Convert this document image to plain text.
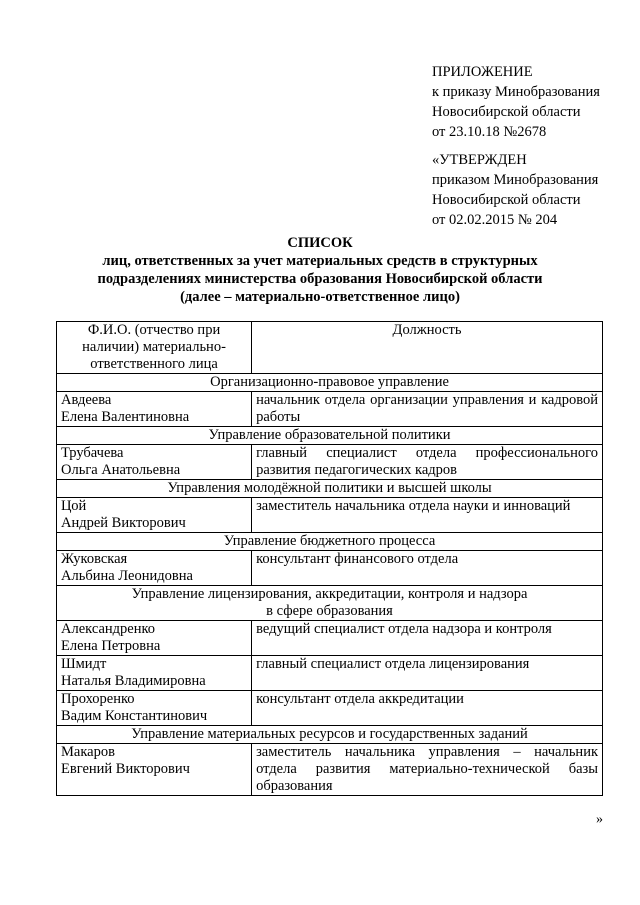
ПРИЛОЖЕНИЕ
к приказу Минобразования
Новосибирской области
от 23.10.18 №2678
«УТВЕРЖДЕН
приказом Минобразования
Новосибирской области
от 02.02.2015 № 204
СПИСОК
лиц, ответственных за учет материальных средств в структурных
подразделениях министерства образования Новосибирской области
(далее – материально-ответственное лицо)
Ф.И.О. (отчество при наличии) материально-ответственного лица	Должность

Организационно-правовое управление	

Авдеева
Елена Валентиновна	начальник отдела организации управления и кадровой работы

Управление образовательной политики	

Трубачева
Ольга Анатольевна	главный специалист отдела профессионального развития педагогических кадров

Управления молодёжной политики и высшей школы	

Цой
Андрей Викторович	заместитель начальника отдела науки и инноваций

Управление бюджетного процесса	

Жуковская
Альбина Леонидовна	консультант финансового отдела

Управление лицензирования, аккредитации, контроля и надзора
в сфере образования	

Александренко
Елена Петровна	ведущий специалист отдела надзора и контроля

Шмидт
Наталья Владимировна	главный специалист отдела лицензирования

Прохоренко
Вадим Константинович	консультант отдела аккредитации

Управление материальных ресурсов и государственных заданий	

Макаров
Евгений Викторович	заместитель начальника управления – начальник отдела развития материально-технической базы образования
»
